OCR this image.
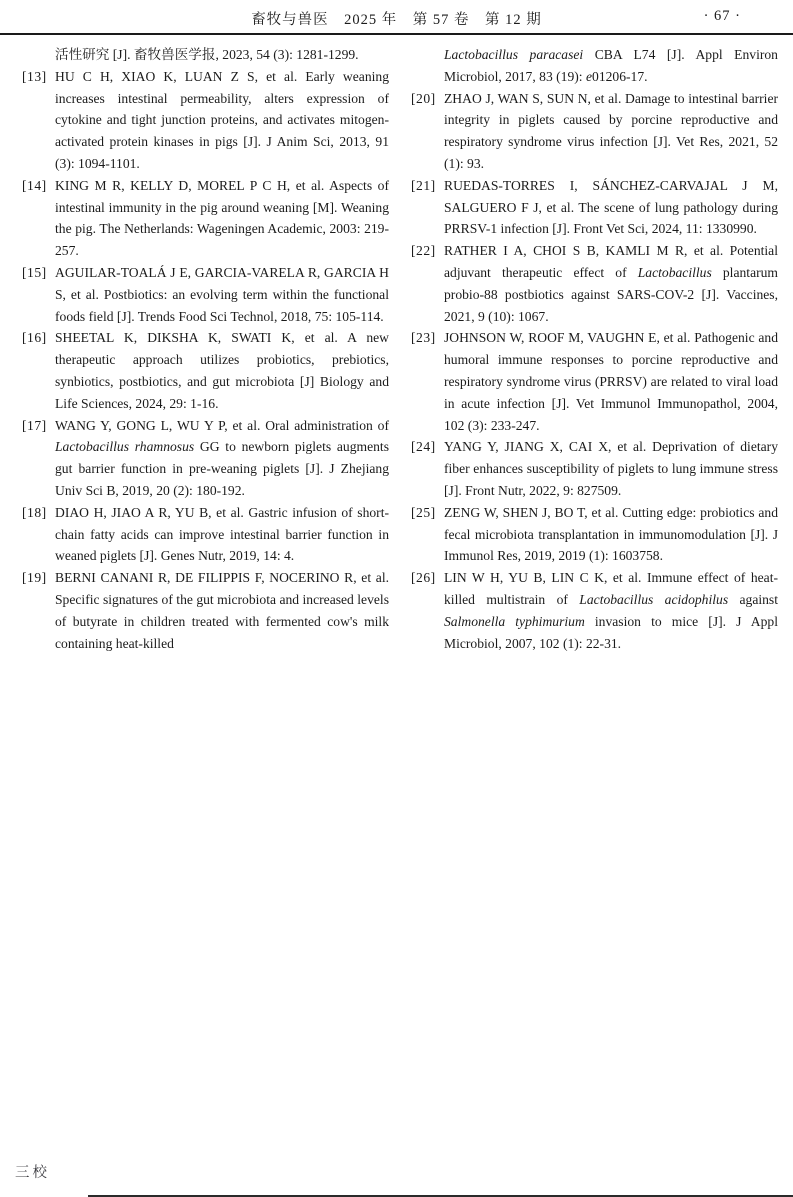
畜牧与兽医　2025 年　第 57 卷　第 12 期	· 67 ·
活性研究 [J]. 畜牧兽医学报, 2023, 54 (3): 1281-1299.
[13] HU C H, XIAO K, LUAN Z S, et al. Early weaning increases intestinal permeability, alters expression of cytokine and tight junction proteins, and activates mitogen-activated protein kinases in pigs [J]. J Anim Sci, 2013, 91 (3): 1094-1101.
[14] KING M R, KELLY D, MOREL P C H, et al. Aspects of intestinal immunity in the pig around weaning [M]. Weaning the pig. The Netherlands: Wageningen Academic, 2003: 219-257.
[15] AGUILAR-TOALÁ J E, GARCIA-VARELA R, GARCIA H S, et al. Postbiotics: an evolving term within the functional foods field [J]. Trends Food Sci Technol, 2018, 75: 105-114.
[16] SHEETAL K, DIKSHA K, SWATI K, et al. A new therapeutic approach utilizes probiotics, prebiotics, synbiotics, postbiotics, and gut microbiota [J] Biology and Life Sciences, 2024, 29: 1-16.
[17] WANG Y, GONG L, WU Y P, et al. Oral administration of Lactobacillus rhamnosus GG to newborn piglets augments gut barrier function in pre-weaning piglets [J]. J Zhejiang Univ Sci B, 2019, 20 (2): 180-192.
[18] DIAO H, JIAO A R, YU B, et al. Gastric infusion of short-chain fatty acids can improve intestinal barrier function in weaned piglets [J]. Genes Nutr, 2019, 14: 4.
[19] BERNI CANANI R, DE FILIPPIS F, NOCERINO R, et al. Specific signatures of the gut microbiota and increased levels of butyrate in children treated with fermented cow's milk containing heat-killed
Lactobacillus paracasei CBA L74 [J]. Appl Environ Microbiol, 2017, 83 (19): e01206-17.
[20] ZHAO J, WAN S, SUN N, et al. Damage to intestinal barrier integrity in piglets caused by porcine reproductive and respiratory syndrome virus infection [J]. Vet Res, 2021, 52 (1): 93.
[21] RUEDAS-TORRES I, SÁNCHEZ-CARVAJAL J M, SALGUERO F J, et al. The scene of lung pathology during PRRSV-1 infection [J]. Front Vet Sci, 2024, 11: 1330990.
[22] RATHER I A, CHOI S B, KAMLI M R, et al. Potential adjuvant therapeutic effect of Lactobacillus plantarum probio-88 postbiotics against SARS-COV-2 [J]. Vaccines, 2021, 9 (10): 1067.
[23] JOHNSON W, ROOF M, VAUGHN E, et al. Pathogenic and humoral immune responses to porcine reproductive and respiratory syndrome virus (PRRSV) are related to viral load in acute infection [J]. Vet Immunol Immunopathol, 2004, 102 (3): 233-247.
[24] YANG Y, JIANG X, CAI X, et al. Deprivation of dietary fiber enhances susceptibility of piglets to lung immune stress [J]. Front Nutr, 2022, 9: 827509.
[25] ZENG W, SHEN J, BO T, et al. Cutting edge: probiotics and fecal microbiota transplantation in immunomodulation [J]. J Immunol Res, 2019, 2019 (1): 1603758.
[26] LIN W H, YU B, LIN C K, et al. Immune effect of heat-killed multistrain of Lactobacillus acidophilus against Salmonella typhimurium invasion to mice [J]. J Appl Microbiol, 2007, 102 (1): 22-31.
三校
